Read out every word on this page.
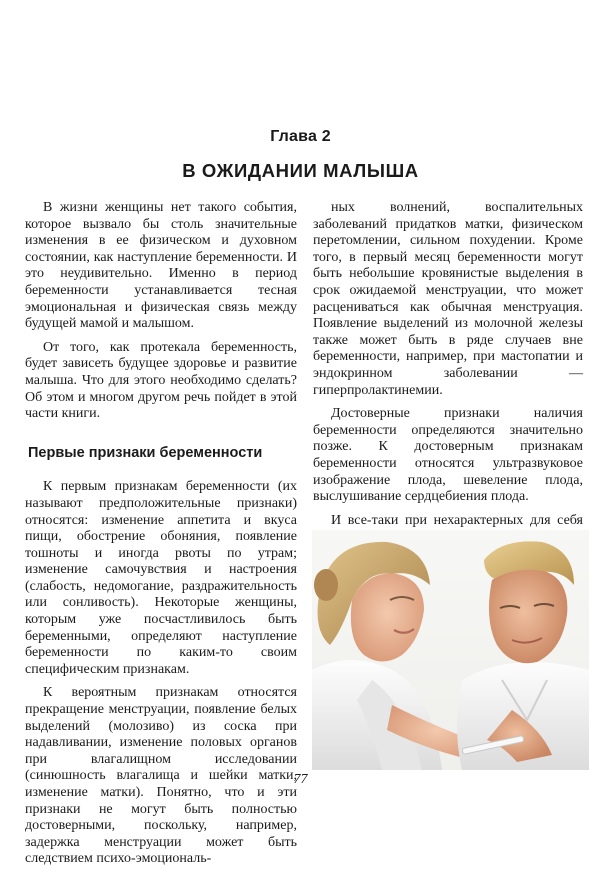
Глава 2
В ОЖИДАНИИ МАЛЫША

В жизни женщины нет такого события, которое вызвало бы столь значительные изменения в ее физическом и духовном состоянии, как наступление беременности. И это неудивительно. Именно в период беременности устанавливается тесная эмоциональная и физическая связь между будущей мамой и малышом.

От того, как протекала беременность, будет зависеть будущее здоровье и развитие малыша. Что для этого необходимо сделать? Об этом и многом другом речь пойдет в этой части книги.

Первые признаки беременности

К первым признакам беременности (их называют предположительные признаки) относятся: изменение аппетита и вкуса пищи, обострение обоняния, появление тошноты и иногда рвоты по утрам; изменение самочувствия и настроения (слабость, недомогание, раздражительность или сонливость). Некоторые женщины, которым уже посчастливилось быть беременными, определяют наступление беременности по каким-то своим специфическим признакам.

К вероятным признакам относятся прекращение менструации, появление белых выделений (молозиво) из соска при надавливании, изменение половых органов при влагалищном исследовании (синюшность влагалища и шейки матки, изменение матки). Понятно, что и эти признаки не могут быть полностью достоверными, поскольку, например, задержка менструации может быть следствием психо-эмоциональ-

ных волнений, воспалительных заболеваний придатков матки, физическом перетомлении, сильном похудении. Кроме того, в первый месяц беременности могут быть небольшие кровянистые выделения в срок ожидаемой менструации, что может расцениваться как обычная менструация. Появление выделений из молочной железы также может быть в ряде случаев вне беременности, например, при мастопатии и эндокринном заболевании — гиперпролактинемии.

Достоверные признаки наличия беременности определяются значительно позже. К достоверным признакам беременности относятся ультразвуковое изображение плода, шевеление плода, выслушивание сердцебиения плода.

И все-таки при нехарактерных для себя

77
